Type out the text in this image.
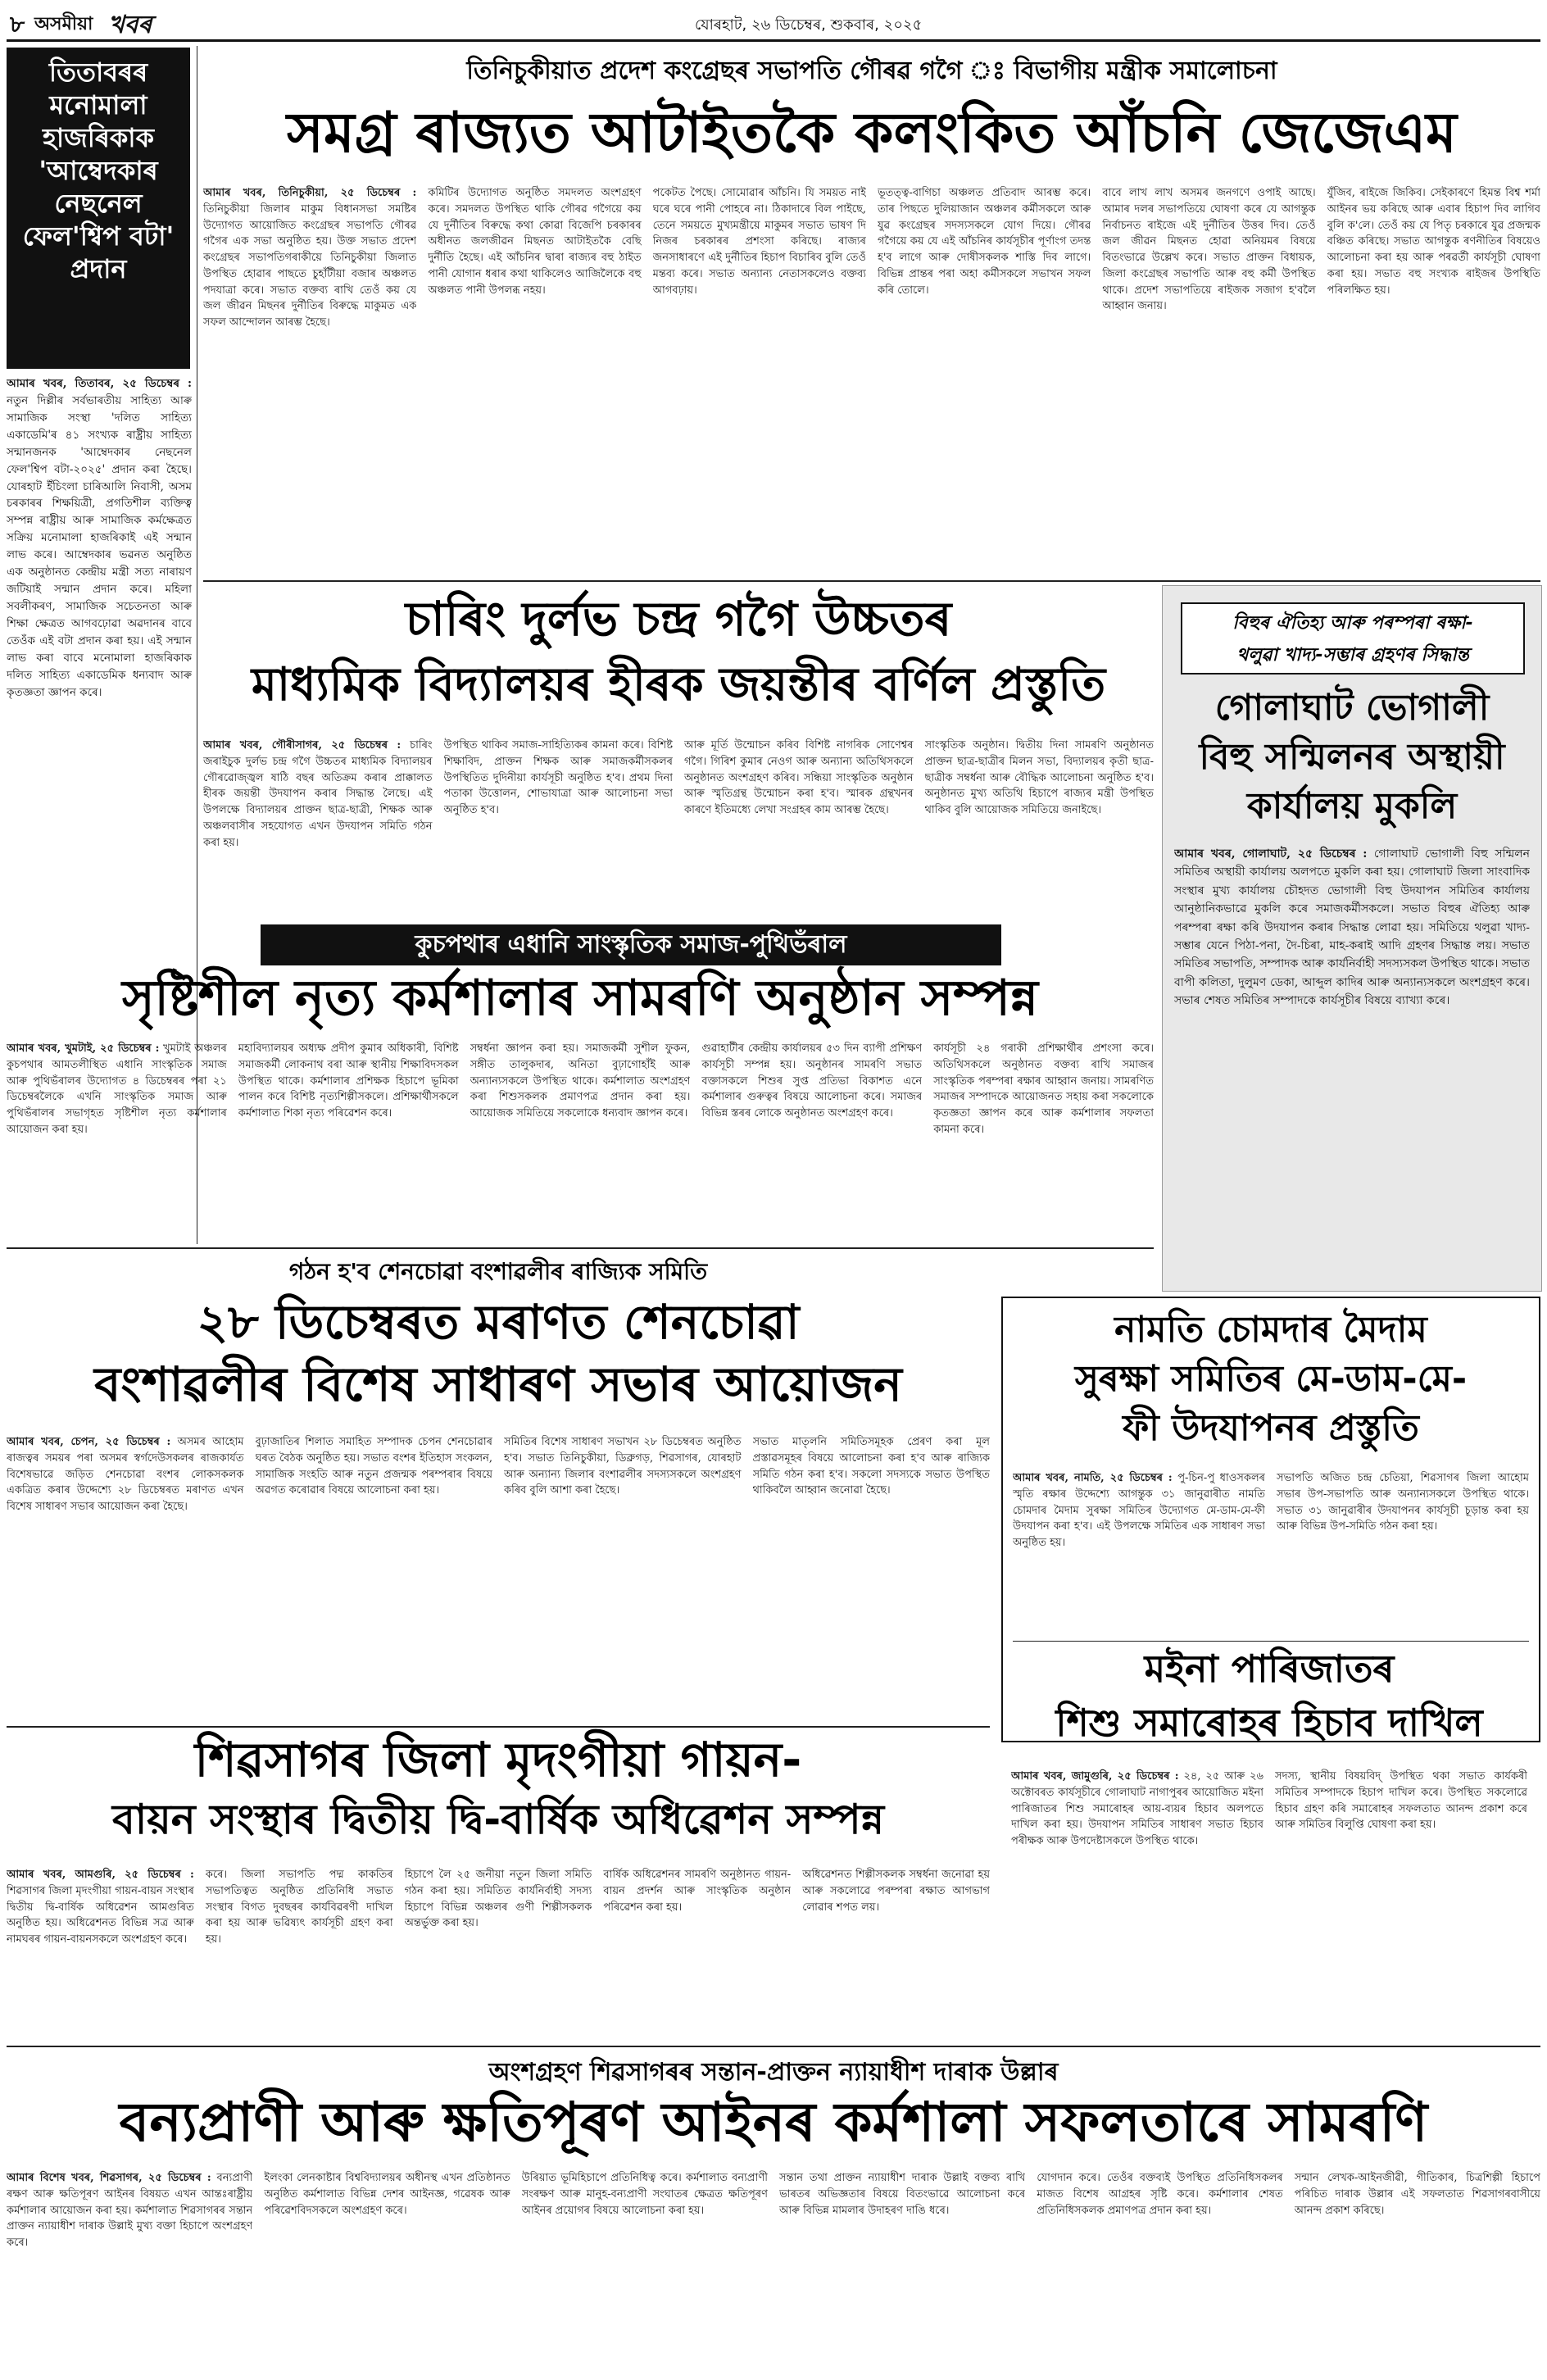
৮ অসমীয়া খবৰ	যোৰহাট, ২৬ ডিচেম্বৰ, শুকবাৰ, ২০২৫

তিতাবৰৰ মনোমালা হাজৰিকাক 'আম্বেদকাৰ নেছনেল ফেল'শ্বিপ বটা' প্ৰদান

আমাৰ খবৰ, তিতাবৰ, ২৫ ডিচেম্বৰ : নতুন দিল্লীৰ সৰ্বভাৰতীয় সাহিত্য আৰু সামাজিক সংস্থা 'দলিত সাহিত্য একাডেমি'ৰ ৪১ সংখ্যক ৰাষ্ট্ৰীয় সাহিত্য সন্মানজনক 'আম্বেদকাৰ নেছনেল ফেল'শ্বিপ বটা-২০২৫' প্ৰদান কৰা হৈছে। যোৰহাট ইঁচিংলা চাৰিআলি নিবাসী, অসম চৰকাৰৰ শিক্ষয়িত্ৰী, প্ৰগতিশীল ব্যক্তিত্ব সম্পন্ন ৰাষ্ট্ৰীয় আৰু সামাজিক কৰ্মক্ষেত্ৰত সক্ৰিয় মনোমালা হাজৰিকাই এই সন্মান লাভ কৰে। আম্বেদকাৰ ভৱনত অনুষ্ঠিত এক অনুষ্ঠানত কেন্দ্ৰীয় মন্ত্ৰী সত্য নাৰায়ণ জটিয়াই সন্মান প্ৰদান কৰে। মহিলা সবলীকৰণ, সামাজিক সচেতনতা আৰু শিক্ষা ক্ষেত্ৰত আগবঢ়োৱা অৱদানৰ বাবে তেওঁক এই বটা প্ৰদান কৰা হয়। এই সন্মান লাভ কৰা বাবে মনোমালা হাজৰিকাক দলিত সাহিত্য একাডেমিক ধন্যবাদ আৰু কৃতজ্ঞতা জ্ঞাপন কৰে।

তিনিচুকীয়াত প্ৰদেশ কংগ্ৰেছৰ সভাপতি গৌৰৱ গগৈ ঃ বিভাগীয় মন্ত্ৰীক সমালোচনা

সমগ্ৰ ৰাজ্যত আটাইতকৈ কলংকিত আঁচনি জেজেএম

আমাৰ খবৰ, তিনিচুকীয়া, ২৫ ডিচেম্বৰ : তিনিচুকীয়া জিলাৰ মাকুম বিধানসভা সমষ্টিৰ উদ্যোগত আয়োজিত কংগ্ৰেছৰ সভাপতি গৌৰৱ গগৈৰ এক সভা অনুষ্ঠিত হয়। উক্ত সভাত প্ৰদেশ কংগ্ৰেছৰ সভাপতিগৰাকীয়ে তিনিচুকীয়া জিলাত উপস্থিত হোৱাৰ পাছতে চুহাঁটীয়া বজাৰ অঞ্চলত পদযাত্ৰা কৰে। সভাত বক্তব্য ৰাখি তেওঁ কয় যে জল জীৱন মিছনৰ দুৰ্নীতিৰ বিৰুদ্ধে মাকুমত এক সফল আন্দোলন আৰম্ভ হৈছে।
কমিটিৰ উদ্যোগত অনুষ্ঠিত সমদলত অংশগ্ৰহণ কৰে। সমদলত উপস্থিত থাকি গৌৰৱ গগৈয়ে কয় যে দুৰ্নীতিৰ বিৰুদ্ধে কথা কোৱা বিজেপি চৰকাৰৰ অধীনত জলজীৱন মিছনত আটাইতকৈ বেছি দুৰ্নীতি হৈছে। এই আঁচনিৰ দ্বাৰা ৰাজ্যৰ বহু ঠাইত পানী যোগান ধৰাৰ কথা থাকিলেও আজিলৈকে বহু অঞ্চলত পানী উপলব্ধ নহয়।
পকেটত পৈছে। সোমোৱাৰ আঁচনি। যি সময়ত নাই ঘৰে ঘৰে পানী পোহৰে না। ঠিকাদাৰে বিল পাইছে, তেনে সময়তে মুখ্যমন্ত্ৰীয়ে মাকুমৰ সভাত ভাষণ দি নিজৰ চৰকাৰৰ প্ৰশংসা কৰিছে। ৰাজ্যৰ জনসাধাৰণে এই দুৰ্নীতিৰ হিচাপ বিচাৰিব বুলি তেওঁ মন্তব্য কৰে। সভাত অন্যান্য নেতাসকলেও বক্তব্য আগবঢ়ায়।
ভূতত্ত্ব-বাগিচা অঞ্চলত প্ৰতিবাদ আৰম্ভ কৰে। তাৰ পিছতে দুলিয়াজান অঞ্চলৰ কৰ্মীসকলে আৰু যুৱ কংগ্ৰেছৰ সদস্যসকলে যোগ দিয়ে। গৌৰৱ গগৈয়ে কয় যে এই আঁচনিৰ কাৰ্যসূচীৰ পূৰ্ণাংগ তদন্ত হ'ব লাগে আৰু দোষীসকলক শাস্তি দিব লাগে। বিভিন্ন প্ৰান্তৰ পৰা অহা কৰ্মীসকলে সভাখন সফল কৰি তোলে।
বাবে লাখ লাখ অসমৰ জনগণে ওপাই আছে। আমাৰ দলৰ সভাপতিয়ে ঘোষণা কৰে যে আগন্তুক নিৰ্বাচনত ৰাইজে এই দুৰ্নীতিৰ উত্তৰ দিব। তেওঁ জল জীৱন মিছনত হোৱা অনিয়মৰ বিষয়ে বিতংভাৱে উল্লেখ কৰে। সভাত প্ৰাক্তন বিধায়ক, জিলা কংগ্ৰেছৰ সভাপতি আৰু বহু কৰ্মী উপস্থিত থাকে। প্ৰদেশ সভাপতিয়ে ৰাইজক সজাগ হ'বলৈ আহ্বান জনায়।
যুঁজিব, ৰাইজে জিকিব। সেইকাৰণে হিমন্ত বিশ্ব শৰ্মা আইনৰ ভয় কৰিছে আৰু এবাৰ হিচাপ দিব লাগিব বুলি ক'লে। তেওঁ কয় যে পিতৃ চৰকাৰে যুৱ প্ৰজন্মক বঞ্চিত কৰিছে। সভাত আগন্তুক ৰণনীতিৰ বিষয়েও আলোচনা কৰা হয় আৰু পৰৱৰ্তী কাৰ্যসূচী ঘোষণা কৰা হয়। সভাত বহু সংখ্যক ৰাইজৰ উপস্থিতি পৰিলক্ষিত হয়।

চাৰিং দুৰ্লভ চন্দ্ৰ গগৈ উচ্চতৰ

মাধ্যমিক বিদ্যালয়ৰ হীৰক জয়ন্তীৰ বৰ্ণিল প্ৰস্তুতি

আমাৰ খবৰ, গৌৰীসাগৰ, ২৫ ডিচেম্বৰ : চাৰিং জৰাইচুক দুৰ্লভ চন্দ্ৰ গগৈ উচ্চতৰ মাধ্যমিক বিদ্যালয়ৰ গৌৰৱোজ্জ্বল ষাঠি বছৰ অতিক্ৰম কৰাৰ প্ৰাক্কালত হীৰক জয়ন্তী উদযাপন কৰাৰ সিদ্ধান্ত লৈছে। এই উপলক্ষে বিদ্যালয়ৰ প্ৰাক্তন ছাত্ৰ-ছাত্ৰী, শিক্ষক আৰু অঞ্চলবাসীৰ সহযোগত এখন উদযাপন সমিতি গঠন কৰা হয়।
উপস্থিত থাকিব সমাজ-সাহিত্যিকৰ কামনা কৰে। বিশিষ্ট শিক্ষাবিদ, প্ৰাক্তন শিক্ষক আৰু সমাজকৰ্মীসকলৰ উপস্থিতিত দুদিনীয়া কাৰ্যসূচী অনুষ্ঠিত হ'ব। প্ৰথম দিনা পতাকা উত্তোলন, শোভাযাত্ৰা আৰু আলোচনা সভা অনুষ্ঠিত হ'ব।
আৰু মূৰ্তি উন্মোচন কৰিব বিশিষ্ট নাগৰিক সোণেশ্বৰ গগৈ। গিৰিশ কুমাৰ নেওগ আৰু অন্যান্য অতিথিসকলে অনুষ্ঠানত অংশগ্ৰহণ কৰিব। সন্ধিয়া সাংস্কৃতিক অনুষ্ঠান আৰু স্মৃতিগ্ৰন্থ উন্মোচন কৰা হ'ব। স্মাৰক গ্ৰন্থখনৰ কাৰণে ইতিমধ্যে লেখা সংগ্ৰহৰ কাম আৰম্ভ হৈছে।
সাংস্কৃতিক অনুষ্ঠান। দ্বিতীয় দিনা সামৰণি অনুষ্ঠানত প্ৰাক্তন ছাত্ৰ-ছাত্ৰীৰ মিলন সভা, বিদ্যালয়ৰ কৃতী ছাত্ৰ-ছাত্ৰীক সম্বৰ্ধনা আৰু বৌদ্ধিক আলোচনা অনুষ্ঠিত হ'ব। অনুষ্ঠানত মুখ্য অতিথি হিচাপে ৰাজ্যৰ মন্ত্ৰী উপস্থিত থাকিব বুলি আয়োজক সমিতিয়ে জনাইছে।
কুচপথাৰ এধানি সাংস্কৃতিক সমাজ-পুথিভঁৰাল

সৃষ্টিশীল নৃত্য কৰ্মশালাৰ সামৰণি অনুষ্ঠান সম্পন্ন

আমাৰ খবৰ, খুমটাই, ২৫ ডিচেম্বৰ : খুমটাই অঞ্চলৰ কুচপথাৰ আমতলীস্থিত এধানি সাংস্কৃতিক সমাজ আৰু পুথিভঁৰালৰ উদ্যোগত ৪ ডিচেম্বৰৰ পৰা ২১ ডিচেম্বৰলৈকে এখনি সাংস্কৃতিক সমাজ আৰু পুথিভঁৰালৰ সভাগৃহত সৃষ্টিশীল নৃত্য কৰ্মশালাৰ আয়োজন কৰা হয়।
মহাবিদ্যালয়ৰ অধ্যক্ষ প্ৰদীপ কুমাৰ অধিকাৰী, বিশিষ্ট সমাজকৰ্মী লোকনাথ বৰা আৰু স্থানীয় শিক্ষাবিদসকল উপস্থিত থাকে। কৰ্মশালাৰ প্ৰশিক্ষক হিচাপে ভূমিকা পালন কৰে বিশিষ্ট নৃত্যশিল্পীসকলে। প্ৰশিক্ষাৰ্থীসকলে কৰ্মশালাত শিকা নৃত্য পৰিৱেশন কৰে।
সম্বৰ্ধনা জ্ঞাপন কৰা হয়। সমাজকৰ্মী সুশীল ফুকন, সঙ্গীত তালুকদাৰ, অনিতা বুঢ়াগোহাঁই আৰু অন্যান্যসকলে উপস্থিত থাকে। কৰ্মশালাত অংশগ্ৰহণ কৰা শিশুসকলক প্ৰমাণপত্ৰ প্ৰদান কৰা হয়। আয়োজক সমিতিয়ে সকলোকে ধন্যবাদ জ্ঞাপন কৰে।
গুৱাহাটীৰ কেন্দ্ৰীয় কাৰ্যালয়ৰ ৫৩ দিন ব্যাপী প্ৰশিক্ষণ কাৰ্যসূচী সম্পন্ন হয়। অনুষ্ঠানৰ সামৰণি সভাত বক্তাসকলে শিশুৰ সুপ্ত প্ৰতিভা বিকাশত এনে কৰ্মশালাৰ গুৰুত্বৰ বিষয়ে আলোচনা কৰে। সমাজৰ বিভিন্ন স্তৰৰ লোকে অনুষ্ঠানত অংশগ্ৰহণ কৰে।
কাৰ্যসূচী ২৪ গৰাকী প্ৰশিক্ষাৰ্থীৰ প্ৰশংসা কৰে। অতিথিসকলে অনুষ্ঠানত বক্তব্য ৰাখি সমাজৰ সাংস্কৃতিক পৰম্পৰা ৰক্ষাৰ আহ্বান জনায়। সামৰণিত সমাজৰ সম্পাদকে আয়োজনত সহায় কৰা সকলোকে কৃতজ্ঞতা জ্ঞাপন কৰে আৰু কৰ্মশালাৰ সফলতা কামনা কৰে।

বিহুৰ ঐতিহ্য আৰু পৰম্পৰা ৰক্ষা-

থলুৱা খাদ্য-সম্ভাৰ গ্ৰহণৰ সিদ্ধান্ত

গোলাঘাট ভোগালী

বিহু সন্মিলনৰ অস্থায়ী

কাৰ্যালয় মুকলি

আমাৰ খবৰ, গোলাঘাট, ২৫ ডিচেম্বৰ : গোলাঘাট ভোগালী বিহু সন্মিলন সমিতিৰ অস্থায়ী কাৰ্যালয় অলপতে মুকলি কৰা হয়। গোলাঘাট জিলা সাংবাদিক সংস্থাৰ মুখ্য কাৰ্যালয় চৌহদত ভোগালী বিহু উদযাপন সমিতিৰ কাৰ্যালয় আনুষ্ঠানিকভাৱে মুকলি কৰে সমাজকৰ্মীসকলে। সভাত বিহুৰ ঐতিহ্য আৰু পৰম্পৰা ৰক্ষা কৰি উদযাপন কৰাৰ সিদ্ধান্ত লোৱা হয়। সমিতিয়ে থলুৱা খাদ্য-সম্ভাৰ যেনে পিঠা-পনা, দৈ-চিৰা, মাহ-কৰাই আদি গ্ৰহণৰ সিদ্ধান্ত লয়। সভাত সমিতিৰ সভাপতি, সম্পাদক আৰু কাৰ্যনিৰ্বাহী সদস্যসকল উপস্থিত থাকে। সভাত বাপী কলিতা, দুলুমণ ডেকা, আব্দুল কাদিৰ আৰু অন্যান্যসকলে অংশগ্ৰহণ কৰে। সভাৰ শেষত সমিতিৰ সম্পাদকে কাৰ্যসূচীৰ বিষয়ে ব্যাখ্যা কৰে।

গঠন হ'ব শেনচোৱা বংশাৱলীৰ ৰাজ্যিক সমিতি

২৮ ডিচেম্বৰত মৰাণত শেনচোৱা

বংশাৱলীৰ বিশেষ সাধাৰণ সভাৰ আয়োজন

আমাৰ খবৰ, চেপন, ২৫ ডিচেম্বৰ : অসমৰ আহোম ৰাজত্বৰ সময়ৰ পৰা অসমৰ স্বৰ্গদেউসকলৰ ৰাজকাৰ্যত বিশেষভাৱে জড়িত শেনচোৱা বংশৰ লোকসকলক একত্ৰিত কৰাৰ উদ্দেশ্যে ২৮ ডিচেম্বৰত মৰাণত এখন বিশেষ সাধাৰণ সভাৰ আয়োজন কৰা হৈছে।
বুঢ়াজাতিৰ শিলাত সমাহিত সম্পাদক চেপন শেনচোৱাৰ ঘৰত বৈঠক অনুষ্ঠিত হয়। সভাত বংশৰ ইতিহাস সংকলন, সামাজিক সংহতি আৰু নতুন প্ৰজন্মক পৰম্পৰাৰ বিষয়ে অৱগত কৰোৱাৰ বিষয়ে আলোচনা কৰা হয়।
সমিতিৰ বিশেষ সাধাৰণ সভাখন ২৮ ডিচেম্বৰত অনুষ্ঠিত হ'ব। সভাত তিনিচুকীয়া, ডিব্ৰুগড়, শিৱসাগৰ, যোৰহাট আৰু অন্যান্য জিলাৰ বংশাৱলীৰ সদস্যসকলে অংশগ্ৰহণ কৰিব বুলি আশা কৰা হৈছে।
সভাত মাতৃলনি সমিতিসমূহক প্ৰেৰণ কৰা মূল প্ৰস্তাৱসমূহৰ বিষয়ে আলোচনা কৰা হ'ব আৰু ৰাজ্যিক সমিতি গঠন কৰা হ'ব। সকলো সদস্যকে সভাত উপস্থিত থাকিবলৈ আহ্বান জনোৱা হৈছে।

শিৱসাগৰ জিলা মৃদংগীয়া গায়ন-

বায়ন সংস্থাৰ দ্বিতীয় দ্বি-বাৰ্ষিক অধিৱেশন সম্পন্ন

আমাৰ খবৰ, আমগুৰি, ২৫ ডিচেম্বৰ : শিৱসাগৰ জিলা মৃদংগীয়া গায়ন-বায়ন সংস্থাৰ দ্বিতীয় দ্বি-বাৰ্ষিক অধিৱেশন আমগুৰিত অনুষ্ঠিত হয়। অধিৱেশনত বিভিন্ন সত্ৰ আৰু নামঘৰৰ গায়ন-বায়নসকলে অংশগ্ৰহণ কৰে।
কৰে। জিলা সভাপতি পদ্ম কাকতিৰ সভাপতিত্বত অনুষ্ঠিত প্ৰতিনিধি সভাত সংস্থাৰ বিগত দুবছৰৰ কাৰ্যবিৱৰণী দাখিল কৰা হয় আৰু ভৱিষ্যৎ কাৰ্যসূচী গ্ৰহণ কৰা হয়।
হিচাপে লৈ ২৫ জনীয়া নতুন জিলা সমিতি গঠন কৰা হয়। সমিতিত কাৰ্যনিৰ্বাহী সদস্য হিচাপে বিভিন্ন অঞ্চলৰ গুণী শিল্পীসকলক অন্তৰ্ভুক্ত কৰা হয়।
বাৰ্ষিক অধিৱেশনৰ সামৰণি অনুষ্ঠানত গায়ন-বায়ন প্ৰদৰ্শন আৰু সাংস্কৃতিক অনুষ্ঠান পৰিৱেশন কৰা হয়।
অধিৱেশনত শিল্পীসকলক সম্বৰ্ধনা জনোৱা হয় আৰু সকলোৱে পৰম্পৰা ৰক্ষাত আগভাগ লোৱাৰ শপত লয়।

নামতি চোমদাৰ মৈদাম

সুৰক্ষা সমিতিৰ মে-ডাম-মে-

ফী উদযাপনৰ প্ৰস্তুতি

আমাৰ খবৰ, নামতি, ২৫ ডিচেম্বৰ : পু-চিন-পু ধাওসকলৰ স্মৃতি ৰক্ষাৰ উদ্দেশ্যে আগন্তুক ৩১ জানুৱাৰীত নামতি চোমদাৰ মৈদাম সুৰক্ষা সমিতিৰ উদ্যোগত মে-ডাম-মে-ফী উদযাপন কৰা হ'ব। এই উপলক্ষে সমিতিৰ এক সাধাৰণ সভা অনুষ্ঠিত হয়।
সভাপতি অজিত চন্দ্ৰ চেতিয়া, শিৱসাগৰ জিলা আহোম সভাৰ উপ-সভাপতি আৰু অন্যান্যসকলে উপস্থিত থাকে। সভাত ৩১ জানুৱাৰীৰ উদযাপনৰ কাৰ্যসূচী চূড়ান্ত কৰা হয় আৰু বিভিন্ন উপ-সমিতি গঠন কৰা হয়।

মইনা পাৰিজাতৰ

শিশু সমাৰোহৰ হিচাব দাখিল

আমাৰ খবৰ, জামুগুৰি, ২৫ ডিচেম্বৰ : ২৪, ২৫ আৰু ২৬ অক্টোবৰত কাৰ্যসূচীৰে গোলাঘাট নাগাপুৰৰ আয়োজিত মইনা পাৰিজাতৰ শিশু সমাৰোহৰ আয়-ব্যয়ৰ হিচাব অলপতে দাখিল কৰা হয়। উদযাপন সমিতিৰ সাধাৰণ সভাত হিচাব পৰীক্ষক আৰু উপদেষ্টাসকলে উপস্থিত থাকে।
সদস্য, স্থানীয় বিষয়বিদ্ উপস্থিত থকা সভাত কাৰ্যকৰী সমিতিৰ সম্পাদকে হিচাপ দাখিল কৰে। উপস্থিত সকলোৱে হিচাব গ্ৰহণ কৰি সমাৰোহৰ সফলতাত আনন্দ প্ৰকাশ কৰে আৰু সমিতিৰ বিলুপ্তি ঘোষণা কৰা হয়।

অংশগ্ৰহণ শিৱসাগৰৰ সন্তান-প্ৰাক্তন ন্যায়াধীশ দাৰাক উল্লাৰ

বন্যপ্ৰাণী আৰু ক্ষতিপূৰণ আইনৰ কৰ্মশালা সফলতাৰে সামৰণি

আমাৰ বিশেষ খবৰ, শিৱসাগৰ, ২৫ ডিচেম্বৰ : বন্যপ্ৰাণী ৰক্ষণ আৰু ক্ষতিপূৰণ আইনৰ বিষয়ত এখন আন্তঃৰাষ্ট্ৰীয় কৰ্মশালাৰ আয়োজন কৰা হয়। কৰ্মশালাত শিৱসাগৰৰ সন্তান প্ৰাক্তন ন্যায়াধীশ দাৰাক উল্লাই মুখ্য বক্তা হিচাপে অংশগ্ৰহণ কৰে।
ইলংকা লেনকাষ্টাৰ বিশ্ববিদ্যালয়ৰ অধীনস্থ এখন প্ৰতিষ্ঠানত অনুষ্ঠিত কৰ্মশালাত বিভিন্ন দেশৰ আইনজ্ঞ, গৱেষক আৰু পৰিৱেশবিদসকলে অংশগ্ৰহণ কৰে।
উৰিয়াত ভূমিহিচাপে প্ৰতিনিধিত্ব কৰে। কৰ্মশালাত বন্যপ্ৰাণী সংৰক্ষণ আৰু মানুহ-বন্যপ্ৰাণী সংঘাতৰ ক্ষেত্ৰত ক্ষতিপূৰণ আইনৰ প্ৰয়োগৰ বিষয়ে আলোচনা কৰা হয়।
সন্তান তথা প্ৰাক্তন ন্যায়াধীশ দাৰাক উল্লাই বক্তব্য ৰাখি ভাৰতৰ অভিজ্ঞতাৰ বিষয়ে বিতংভাৱে আলোচনা কৰে আৰু বিভিন্ন মামলাৰ উদাহৰণ দাঙি ধৰে।
যোগদান কৰে। তেওঁৰ বক্তব্যই উপস্থিত প্ৰতিনিধিসকলৰ মাজত বিশেষ আগ্ৰহৰ সৃষ্টি কৰে। কৰ্মশালাৰ শেষত প্ৰতিনিধিসকলক প্ৰমাণপত্ৰ প্ৰদান কৰা হয়।
সন্মান লেখক-আইনজীৱী, গীতিকাৰ, চিত্ৰশিল্পী হিচাপে পৰিচিত দাৰাক উল্লাৰ এই সফলতাত শিৱসাগৰবাসীয়ে আনন্দ প্ৰকাশ কৰিছে।
